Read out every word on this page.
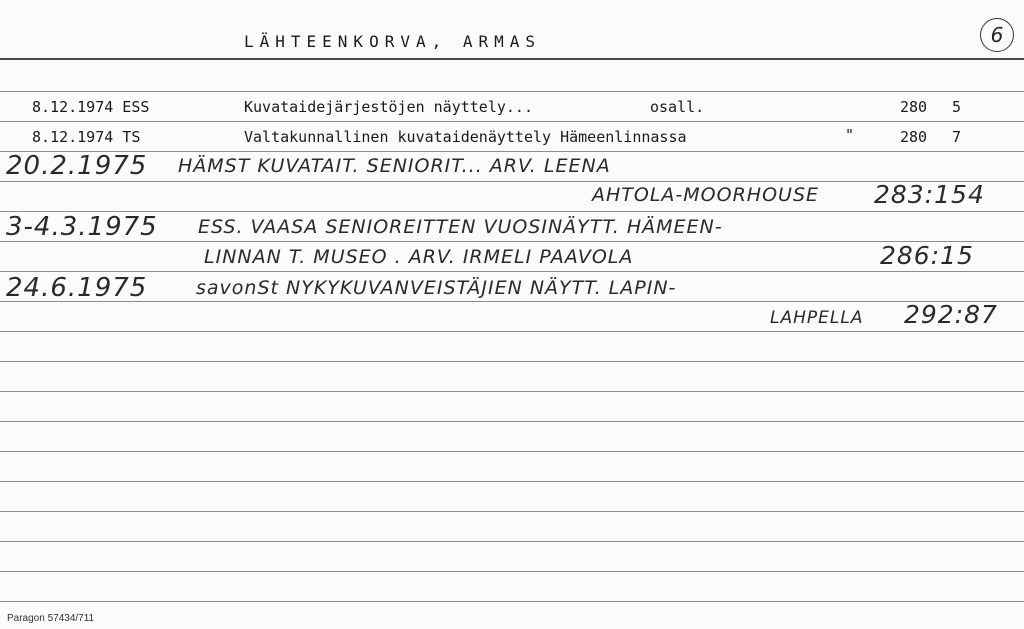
LÄHTEENKORVA, ARMAS	6
8.12.1974 ESS	Kuvataidejärjestöjen näyttely...	osall.	280 5
8.12.1974 TS	Valtakunnallinen kuvataidenäyttely Hämeenlinnassa	"	280 7
20.2.1975 HÄMST KUVATAIT. SENIORIT... ARV. LEENA
AHTOLA-MOORHOUSE 283:154
3-4.3.1975 ESS. VAASA SENIOREITTEN VUOSINÄYTT. HÄMEEN-
LINNAN T. MUSEO . ARV. IRMELI PAAVOLA	286:15
24.6.1975	savonSt NYKYKUVANVEISTÄJIEN NÄYTT. LAPIN-
LAHPELLA 292:87
Paragon 57434/711
